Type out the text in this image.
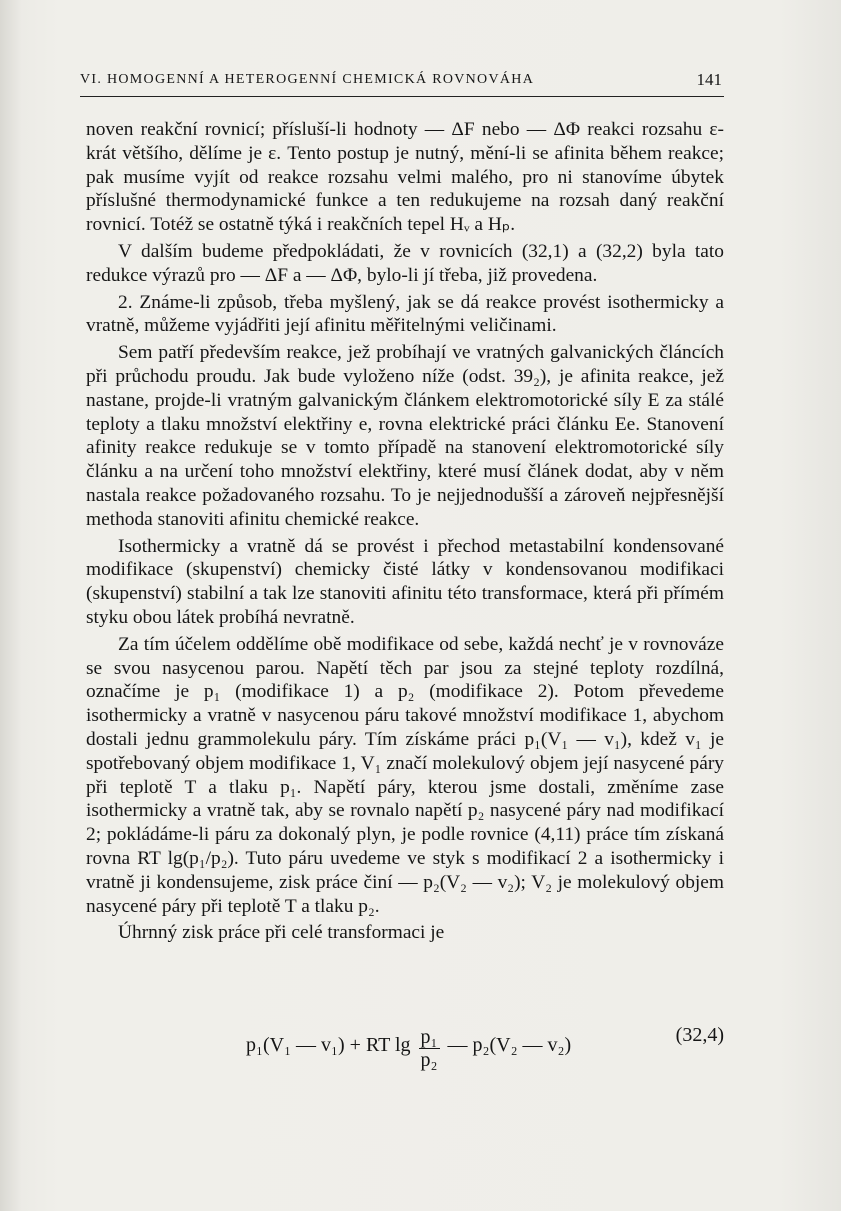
VI. HOMOGENNÍ A HETEROGENNÍ CHEMICKÁ ROVNOVÁHA	141

noven reakční rovnicí; přísluší-li hodnoty — ΔF nebo — ΔΦ reakci rozsahu ε-krát většího, dělíme je ε. Tento postup je nutný, mění-li se afinita během reakce; pak musíme vyjít od reakce rozsahu velmi malého, pro ni stanovíme úbytek příslušné thermodynamické funkce a ten redukujeme na rozsah daný reakční rovnicí. Totéž se ostatně týká i reakčních tepel Hᵥ a Hₚ.

V dalším budeme předpokládati, že v rovnicích (32,1) a (32,2) byla tato redukce výrazů pro — ΔF a — ΔΦ, bylo-li jí třeba, již provedena.

2. Známe-li způsob, třeba myšlený, jak se dá reakce provést isothermicky a vratně, můžeme vyjádřiti její afinitu měřitelnými veličinami.

Sem patří především reakce, jež probíhají ve vratných galvanických článcích při průchodu proudu. Jak bude vyloženo níže (odst. 39₂), je afinita reakce, jež nastane, projde-li vratným galvanickým článkem elektromotorické síly E za stálé teploty a tlaku množství elektřiny e, rovna elektrické práci článku Ee. Stanovení afinity reakce redukuje se v tomto případě na stanovení elektromotorické síly článku a na určení toho množství elektřiny, které musí článek dodat, aby v něm nastala reakce požadovaného rozsahu. To je nejjednodušší a zároveň nejpřesnější methoda stanoviti afinitu chemické reakce.

Isothermicky a vratně dá se provést i přechod metastabilní kondensované modifikace (skupenství) chemicky čisté látky v kondensovanou modifikaci (skupenství) stabilní a tak lze stanoviti afinitu této transformace, která při přímém styku obou látek probíhá nevratně.

Za tím účelem oddělíme obě modifikace od sebe, každá nechť je v rovnováze se svou nasycenou parou. Napětí těch par jsou za stejné teploty rozdílná, označíme je p₁ (modifikace 1) a p₂ (modifikace 2). Potom převedeme isothermicky a vratně v nasycenou páru takové množství modifikace 1, abychom dostali jednu grammolekulu páry. Tím získáme práci p₁(V₁ — v₁), kdež v₁ je spotřebovaný objem modifikace 1, V₁ značí molekulový objem její nasycené páry při teplotě T a tlaku p₁. Napětí páry, kterou jsme dostali, změníme zase isothermicky a vratně tak, aby se rovnalo napětí p₂ nasycené páry nad modifikací 2; pokládáme-li páru za dokonalý plyn, je podle rovnice (4,11) práce tím získaná rovna RT lg(p₁/p₂). Tuto páru uvedeme ve styk s modifikací 2 a isothermicky i vratně ji kondensujeme, zisk práce činí — p₂(V₂ — v₂); V₂ je molekulový objem nasycené páry při teplotě T a tlaku p₂.

Úhrnný zisk práce při celé transformaci je

p₁(V₁ — v₁) + RT $\lg \frac{\text{p₁}}{\text{p₂}}$ — p₂(V₂ — v₂)	(32,4)
